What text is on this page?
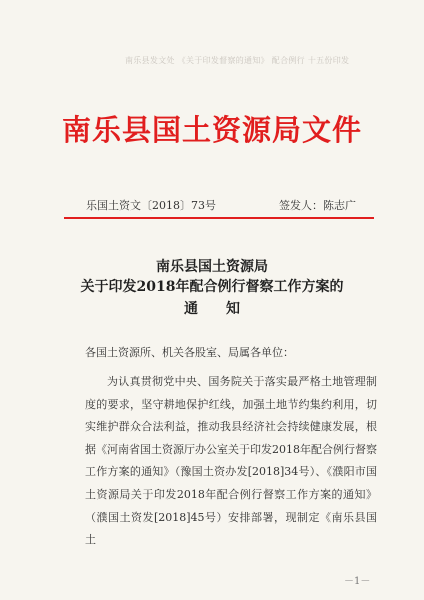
南乐县发文处 《关于印发督察的通知》 配合例行 十五份印发
南乐县国土资源局文件
乐国土资文〔2018〕73号	签发人：陈志广
南乐县国土资源局
关于印发2018年配合例行督察工作方案的
通知
各国土资源所、机关各股室、局属各单位：
为认真贯彻党中央、国务院关于落实最严格土地管理制度的要求，坚守耕地保护红线，加强土地节约集约利用，切实维护群众合法利益，推动我县经济社会持续健康发展，根据《河南省国土资源厅办公室关于印发2018年配合例行督察工作方案的通知》（豫国土资办发[2018]34号）、《濮阳市国土资源局关于印发2018年配合例行督察工作方案的通知》（濮国土资发[2018]45号）安排部署，现制定《南乐县国土
－1－
